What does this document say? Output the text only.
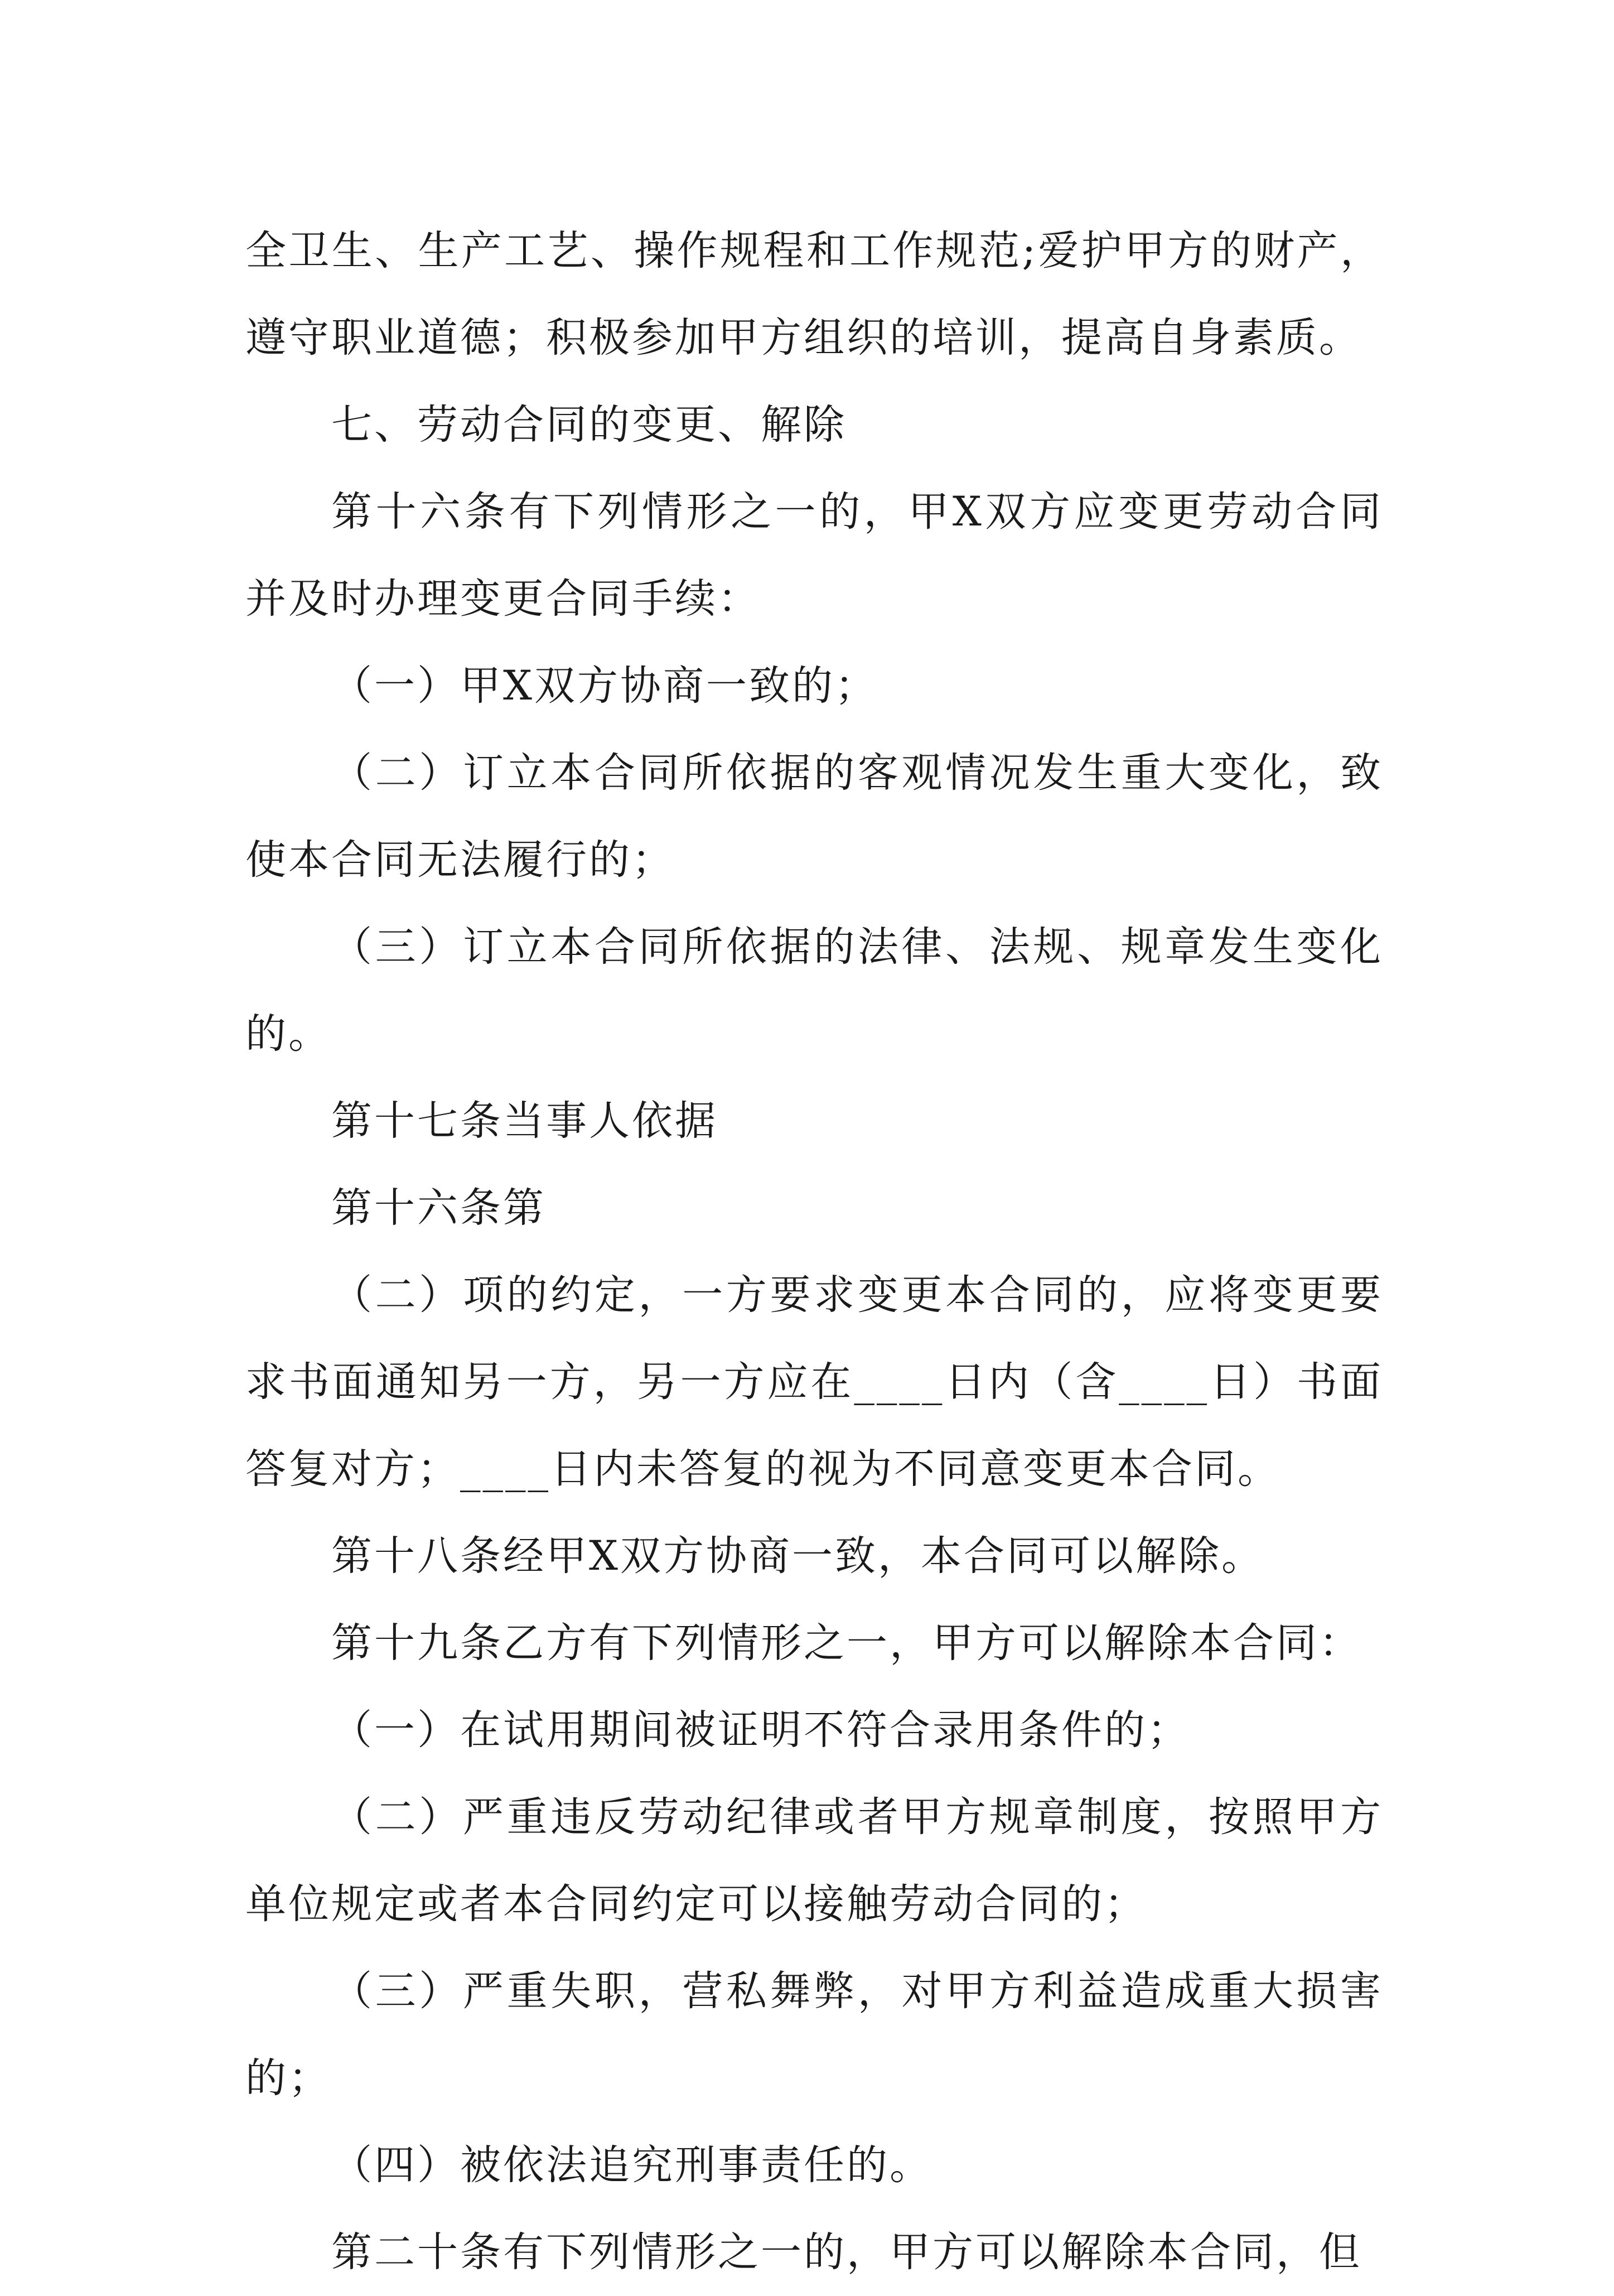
全卫生、生产工艺、操作规程和工作规范;爱护甲方的财产，遵守职业道德；积极参加甲方组织的培训，提高自身素质。

七、劳动合同的变更、解除

第十六条有下列情形之一的，甲X双方应变更劳动合同并及时办理变更合同手续：

（一）甲X双方协商一致的；

（二）订立本合同所依据的客观情况发生重大变化，致使本合同无法履行的；

（三）订立本合同所依据的法律、法规、规章发生变化的。

第十七条当事人依据

第十六条第

（二）项的约定，一方要求变更本合同的，应将变更要求书面通知另一方，另一方应在____日内（含____日）书面答复对方；____日内未答复的视为不同意变更本合同。

第十八条经甲X双方协商一致，本合同可以解除。

第十九条乙方有下列情形之一，甲方可以解除本合同：

（一）在试用期间被证明不符合录用条件的；

（二）严重违反劳动纪律或者甲方规章制度，按照甲方单位规定或者本合同约定可以接触劳动合同的；

（三）严重失职，营私舞弊，对甲方利益造成重大损害的；

（四）被依法追究刑事责任的。

第二十条有下列情形之一的，甲方可以解除本合同，但
